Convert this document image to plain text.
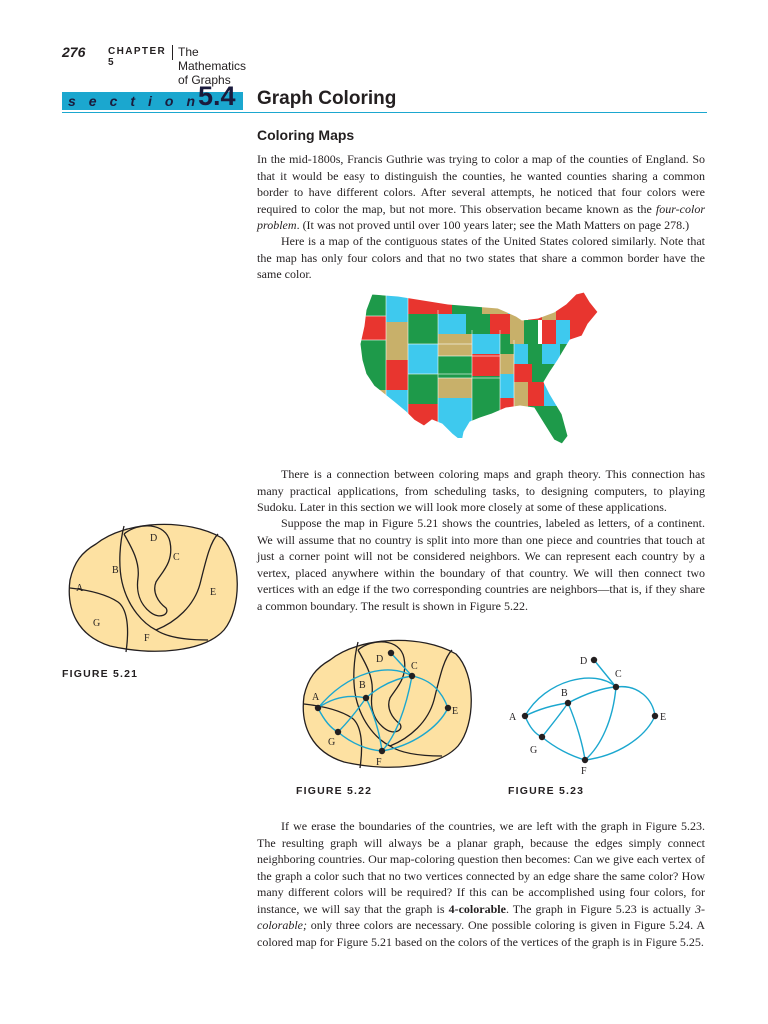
276 CHAPTER 5
The Mathematics of Graphs
section
5.4 Graph Coloring
Coloring Maps
In the mid-1800s, Francis Guthrie was trying to color a map of the counties of England. So that it would be easy to distinguish the counties, he wanted counties sharing a common border to have different colors. After several attempts, he noticed that four colors were required to color the map, but not more. This observation became known as the four-color problem. (It was not proved until over 100 years later; see the Math Matters on page 278.)
Here is a map of the contiguous states of the United States colored similarly. Note that the map has only four colors and that no two states that share a common border have the same color.
There is a connection between coloring maps and graph theory. This connection has many practical applications, from scheduling tasks, to designing computers, to playing Sudoku. Later in this section we will look more closely at some of these applications.
Suppose the map in Figure 5.21 shows the countries, labeled as letters, of a continent. We will assume that no country is split into more than one piece and countries that touch at just a corner point will not be considered neighbors. We can represent each country by a vertex, placed anywhere within the boundary of that country. We will then connect two vertices with an edge if the two corresponding countries are neighbors—that is, if they share a common boundary. The result is shown in Figure 5.22.
D
C
B
A	E
G
F
FIGURE 5.21
D
C
B
A
E
G
F
FIGURE 5.22
D
C
B
A	E
G
F
FIGURE 5.23
If we erase the boundaries of the countries, we are left with the graph in Figure 5.23. The resulting graph will always be a planar graph, because the edges simply connect neighboring countries. Our map-coloring question then becomes: Can we give each vertex of the graph a color such that no two vertices connected by an edge share the same color? How many different colors will be required? If this can be accomplished using four colors, for instance, we will say that the graph is 4-colorable. The graph in Figure 5.23 is actually 3-colorable; only three colors are necessary. One possible coloring is given in Figure 5.24. A colored map for Figure 5.21 based on the colors of the vertices of the graph is in Figure 5.25.
